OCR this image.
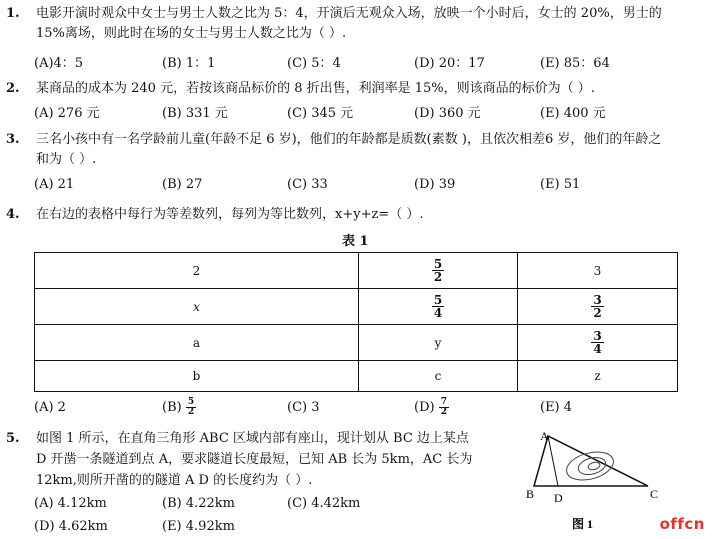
1. 电影开演时观众中女士与男士人数之比为 5：4，开演后无观众入场，放映一个小时后，女士的 20%，男士的
15%离场，则此时在场的女士与男士人数之比为（ ）.
(A)4：5	(B) 1：1	(C) 5：4	(D) 20：17	(E) 85：64
2. 某商品的成本为 240 元，若按该商品标价的 8 折出售，利润率是 15%，则该商品的标价为（ ）.
(A) 276 元	(B) 331 元	(C) 345 元	(D) 360 元	(E) 400 元
3. 三名小孩中有一名学龄前儿童(年龄不足 6 岁)，他们的年龄都是质数(素数 )，且依次相差6 岁，他们的年龄之
和为（ ）.
(A) 21	(B) 27	(C) 33	(D) 39	(E) 51
4. 在右边的表格中每行为等差数列，每列为等比数列，x+y+z=（ ）.
表 1
2	$\frac{5}{2}$	3
x	$\frac{5}{4}$	$\frac{3}{2}$

a	y	$\frac{3}{4}$

b	c	z
(A) 2	$(B) \frac{5}{2}$	(C) 3	$(D) \frac{7}{2}$	(E) 4
5. 如图 1 所示，在直角三角形 ABC 区域内部有座山，现计划从 BC 边上某点
D 开凿一条隧道到点 A，要求隧道长度最短，已知 AB 长为 5km，AC 长为
12km,则所开凿的的隧道 A D 的长度约为（ ）.
(A) 4.12km	(B) 4.22km	(C) 4.42km
(D) 4.62km	(E) 4.92km
A
B D	C
图 1	offcn
